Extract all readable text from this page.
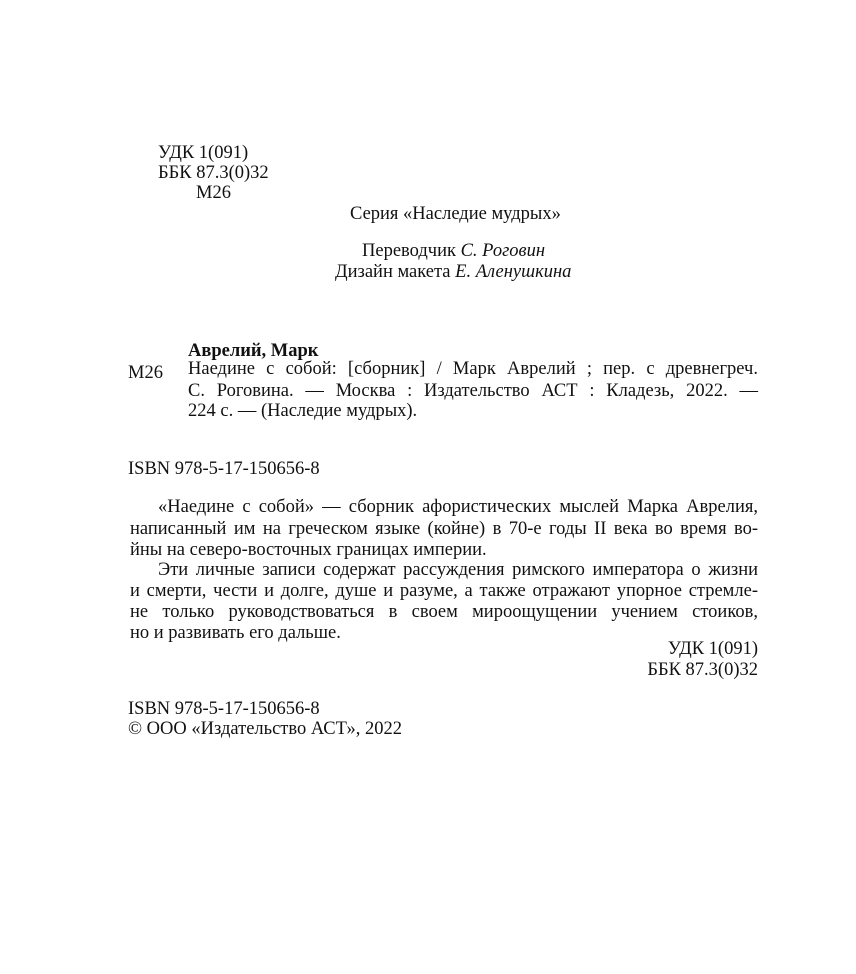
УДК 1(091)
ББК 87.3(0)32
М26
Серия «Наследие мудрых»
Переводчик С. Роговин
Дизайн макета Е. Аленушкина
Аврелий, Марк
М26 Наедине с собой: [сборник] / Марк Аврелий ; пер. с древнегреч.
С. Роговина. — Москва : Издательство АСТ : Кладезь, 2022. —
224 с. — (Наследие мудрых).
ISBN 978-5-17-150656-8
«Наедине с собой» — сборник афористических мыслей Марка Аврелия,
написанный им на греческом языке (койне) в 70-е годы II века во время во-
йны на северо-восточных границах империи.
Эти личные записи содержат рассуждения римского императора о жизни
и смерти, чести и долге, душе и разуме, а также отражают упорное стремле-
не только руководствоваться в своем мироощущении учением стоиков,
но и развивать его дальше.
УДК 1(091)
ББК 87.3(0)32
ISBN 978-5-17-150656-8
© ООО «Издательство АСТ», 2022
